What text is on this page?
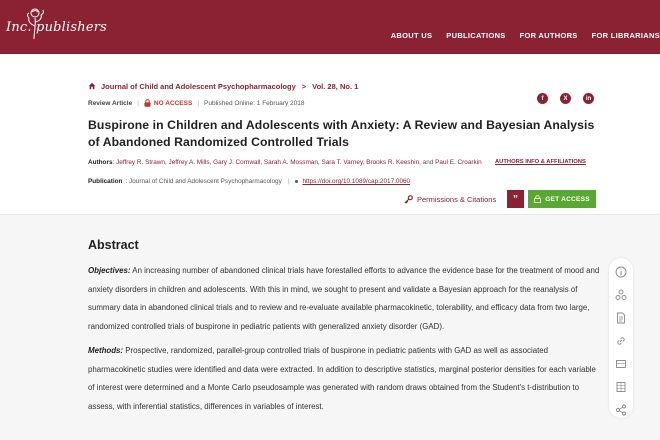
Inc. publishers
ABOUT US PUBLICATIONS FOR AUTHORS FOR LIBRARIANS
Journal of Child and Adolescent Psychopharmacology > Vol. 28, No. 1
Review Article | NO ACCESS | Published Online: 1 February 2018
f	X	in
Buspirone in Children and Adolescents with Anxiety: A Review and Bayesian Analysis of Abandoned Randomized Controlled Trials
Authors: Jeffrey R. Strawn, Jeffrey A. Mills, Gary J. Cornwall, Sarah A. Mossman, Sara T. Varney, Brooks R. Keeshin, and Paul E. Croarkin AUTHORS INFO & AFFILIATIONS
Publication : Journal of Child and Adolescent Psychopharmacology | https://doi.org/10.1089/cap.2017.0060
Permissions & Citations	”	GET ACCESS
Abstract

Objectives: An increasing number of abandoned clinical trials have forestalled efforts to advance the evidence base for the treatment of mood and anxiety disorders in children and adolescents. With this in mind, we sought to present and validate a Bayesian approach for the reanalysis of summary data in abandoned clinical trials and to review and re-evaluate available pharmacokinetic, tolerability, and efficacy data from two large, randomized controlled trials of buspirone in pediatric patients with generalized anxiety disorder (GAD).

Methods: Prospective, randomized, parallel-group controlled trials of buspirone in pediatric patients with GAD as well as associated pharmacokinetic studies were identified and data were extracted. In addition to descriptive statistics, marginal posterior densities for each variable of interest were determined and a Monte Carlo pseudosample was generated with random draws obtained from the Student's t-distribution to assess, with inferential statistics, differences in variables of interest.
